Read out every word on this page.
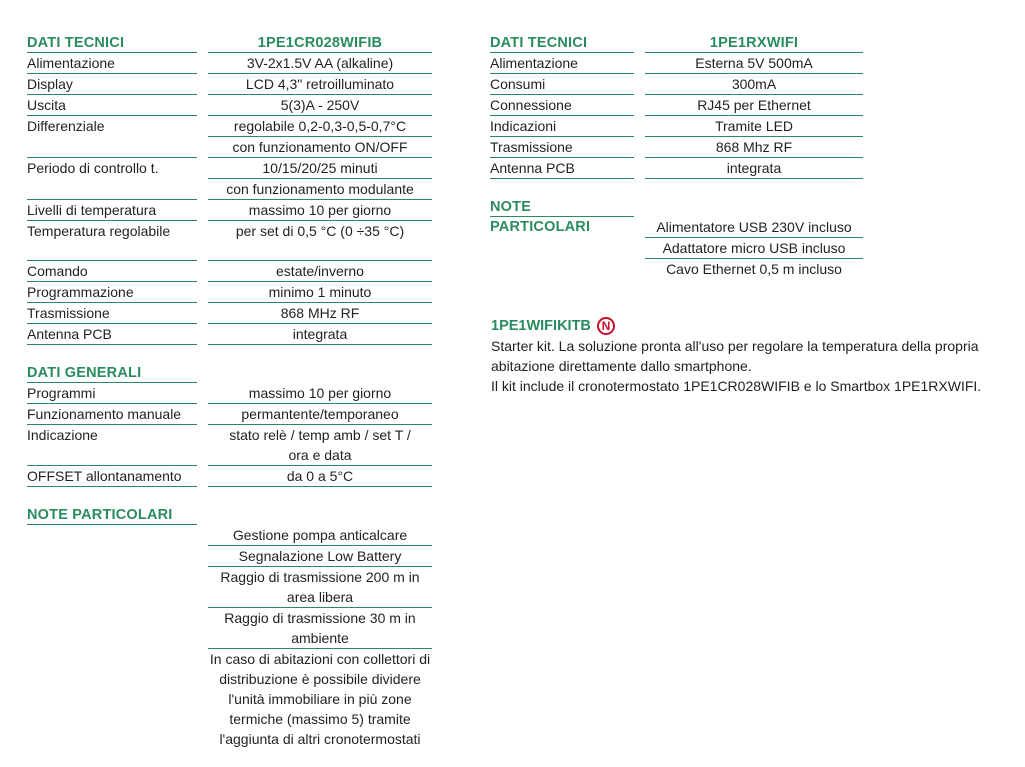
DATI TECNICI	1PE1CR028WIFIB
Alimentazione	3V-2x1.5V AA (alkaline)
Display	LCD 4,3" retroilluminato
Uscita	5(3)A - 250V
Differenziale	regolabile 0,2-0,3-0,5-0,7°C
con funzionamento ON/OFF
Periodo di controllo t.	10/15/20/25 minuti
con funzionamento modulante
Livelli di temperatura	massimo 10 per giorno
Temperatura regolabile	per set di 0,5 °C (0 ÷35 °C)
Comando	estate/inverno
Programmazione	minimo 1 minuto
Trasmissione	868 MHz RF
Antenna PCB	integrata
DATI GENERALI
Programmi	massimo 10 per giorno
Funzionamento manuale	permantente/temporaneo
Indicazione	stato relè / temp amb / set T /
ora e data
OFFSET allontanamento	da 0 a 5°C
NOTE PARTICOLARI
Gestione pompa anticalcare
Segnalazione Low Battery
Raggio di trasmissione 200 m in area libera
Raggio di trasmissione 30 m in ambiente
In caso di abitazioni con collettori di distribuzione è possibile dividere l'unità immobiliare in più zone termiche (massimo 5) tramite l'aggiunta di altri cronotermostati
DATI TECNICI	1PE1RXWIFI
Alimentazione	Esterna 5V 500mA
Consumi	300mA
Connessione	RJ45 per Ethernet
Indicazioni	Tramite LED
Trasmissione	868 Mhz RF
Antenna PCB	integrata
NOTE PARTICOLARI	Alimentatore USB 230V incluso
Adattatore micro USB incluso
Cavo Ethernet 0,5 m incluso
1PE1WIFIKITB N

Starter kit. La soluzione pronta all'uso per regolare la temperatura della propria

abitazione direttamente dallo smartphone.

Il kit include il cronotermostato 1PE1CR028WIFIB e lo Smartbox 1PE1RXWIFI.
